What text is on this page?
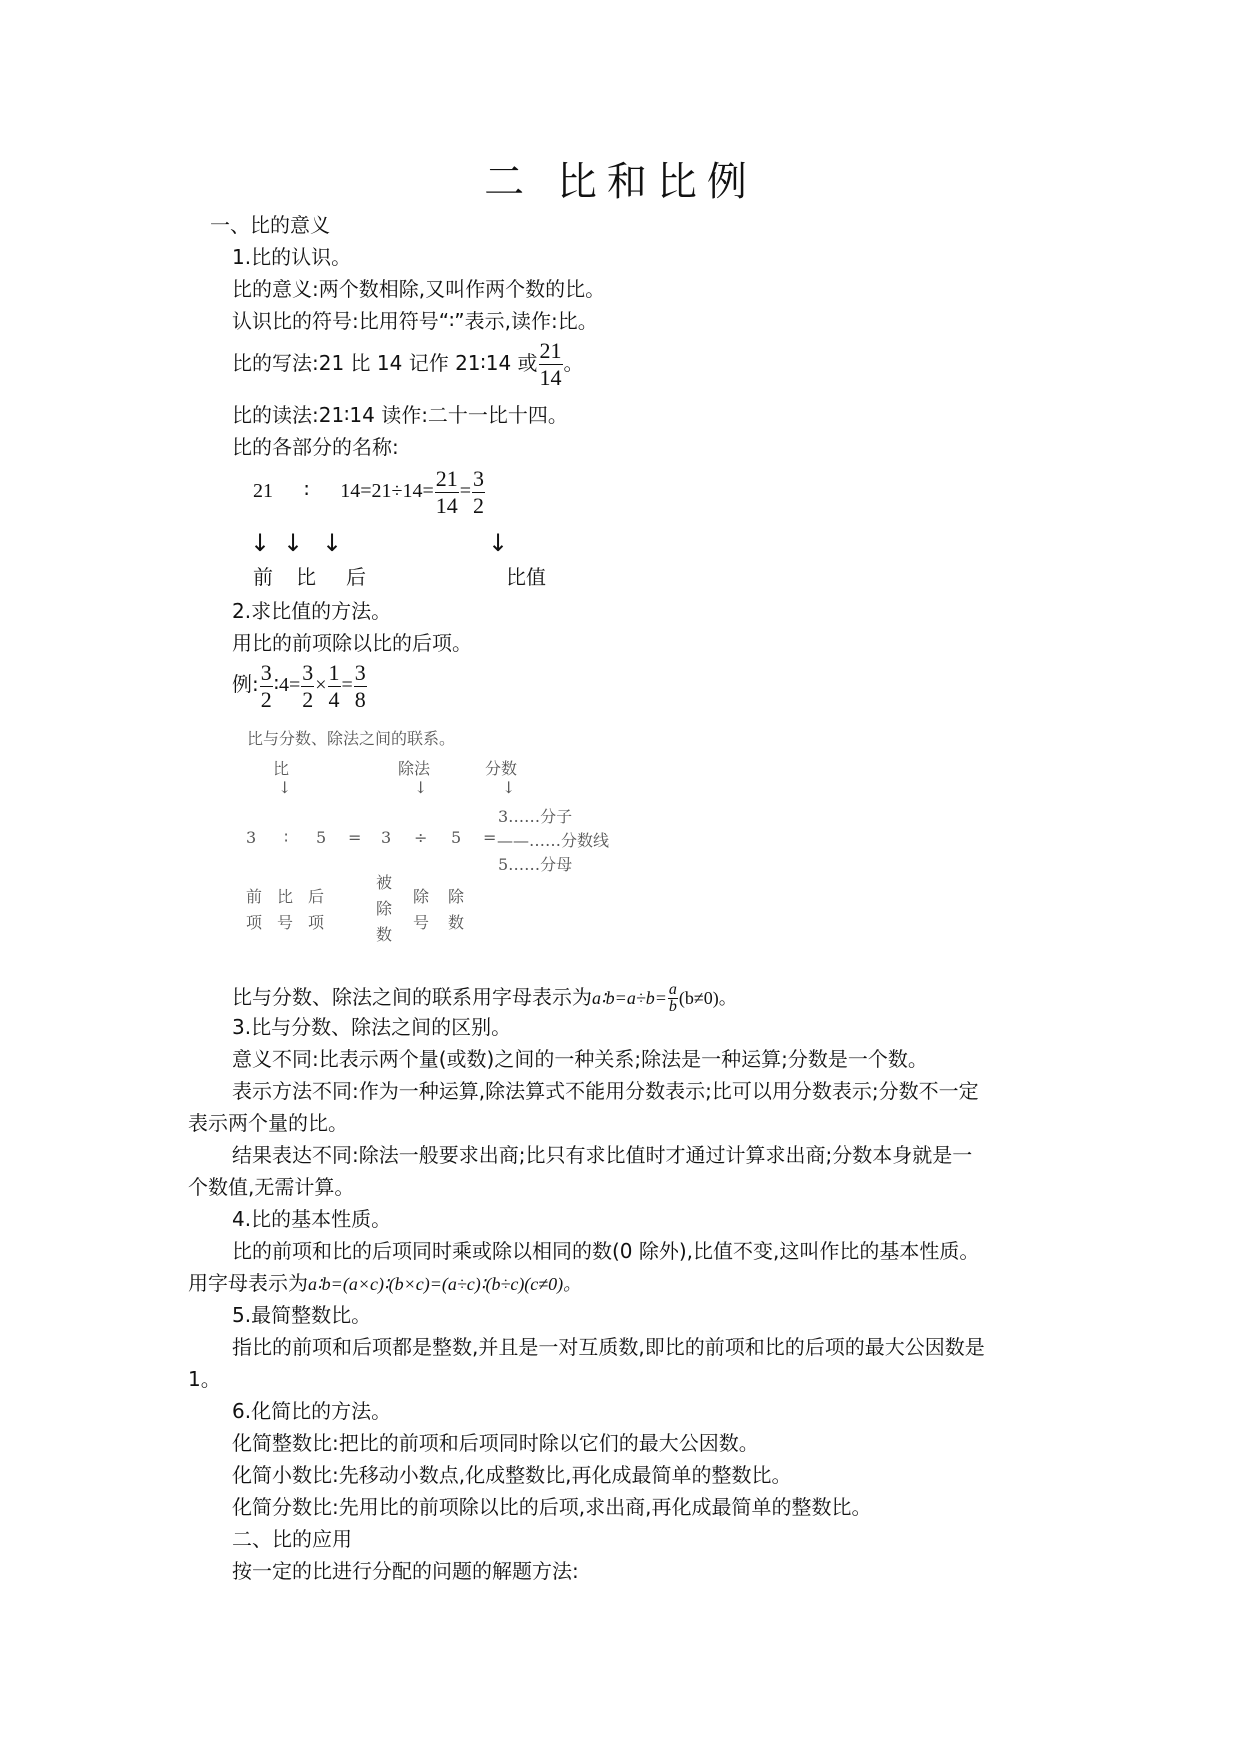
二 比和比例
一、比的意义
1.比的认识。
比的意义:两个数相除,又叫作两个数的比。
认识比的符号:比用符号“∶”表示,读作:比。
比的写法:21 比 14 记作 21∶14 或 $\frac{21}{14}$ 。
比的读法:21∶14 读作:二十一比十四。
比的各部分的名称:
21 ∶ $14=21\div 14= \frac{21}{14} = \frac{3}{2}$
↓ ↓ ↓	↓
前 比 后	比值
2.求比值的方法。
用比的前项除以比的后项。
例: $\frac{3}{2}$ ∶4= $\frac{3}{2} \times \frac{1}{4} = \frac{3}{8}$
比与分数、除法之间的联系。
比	除法	分数
↓	↓	↓
3……分子
3 ∶ 5 = 3 ÷ 5 = ——……分数线
5……分母
前
项
比
号
后
项
被
除
数
除
号
除
数
比与分数、除法之间的联系用字母表示为a∶b=a÷b= $\frac{a}{b} (b\ne 0)$。
3.比与分数、除法之间的区别。
意义不同:比表示两个量(或数)之间的一种关系;除法是一种运算;分数是一个数。
表示方法不同:作为一种运算,除法算式不能用分数表示;比可以用分数表示;分数不一定
表示两个量的比。
结果表达不同:除法一般要求出商;比只有求比值时才通过计算求出商;分数本身就是一
个数值,无需计算。
4.比的基本性质。
比的前项和比的后项同时乘或除以相同的数(0 除外),比值不变,这叫作比的基本性质。
用字母表示为a∶b=(a×c)∶(b×c)=(a÷c)∶(b÷c)(c≠0)。
5.最简整数比。
指比的前项和后项都是整数,并且是一对互质数,即比的前项和比的后项的最大公因数是
1。
6.化简比的方法。
化简整数比:把比的前项和后项同时除以它们的最大公因数。
化简小数比:先移动小数点,化成整数比,再化成最简单的整数比。
化简分数比:先用比的前项除以比的后项,求出商,再化成最简单的整数比。
二、比的应用
按一定的比进行分配的问题的解题方法:
